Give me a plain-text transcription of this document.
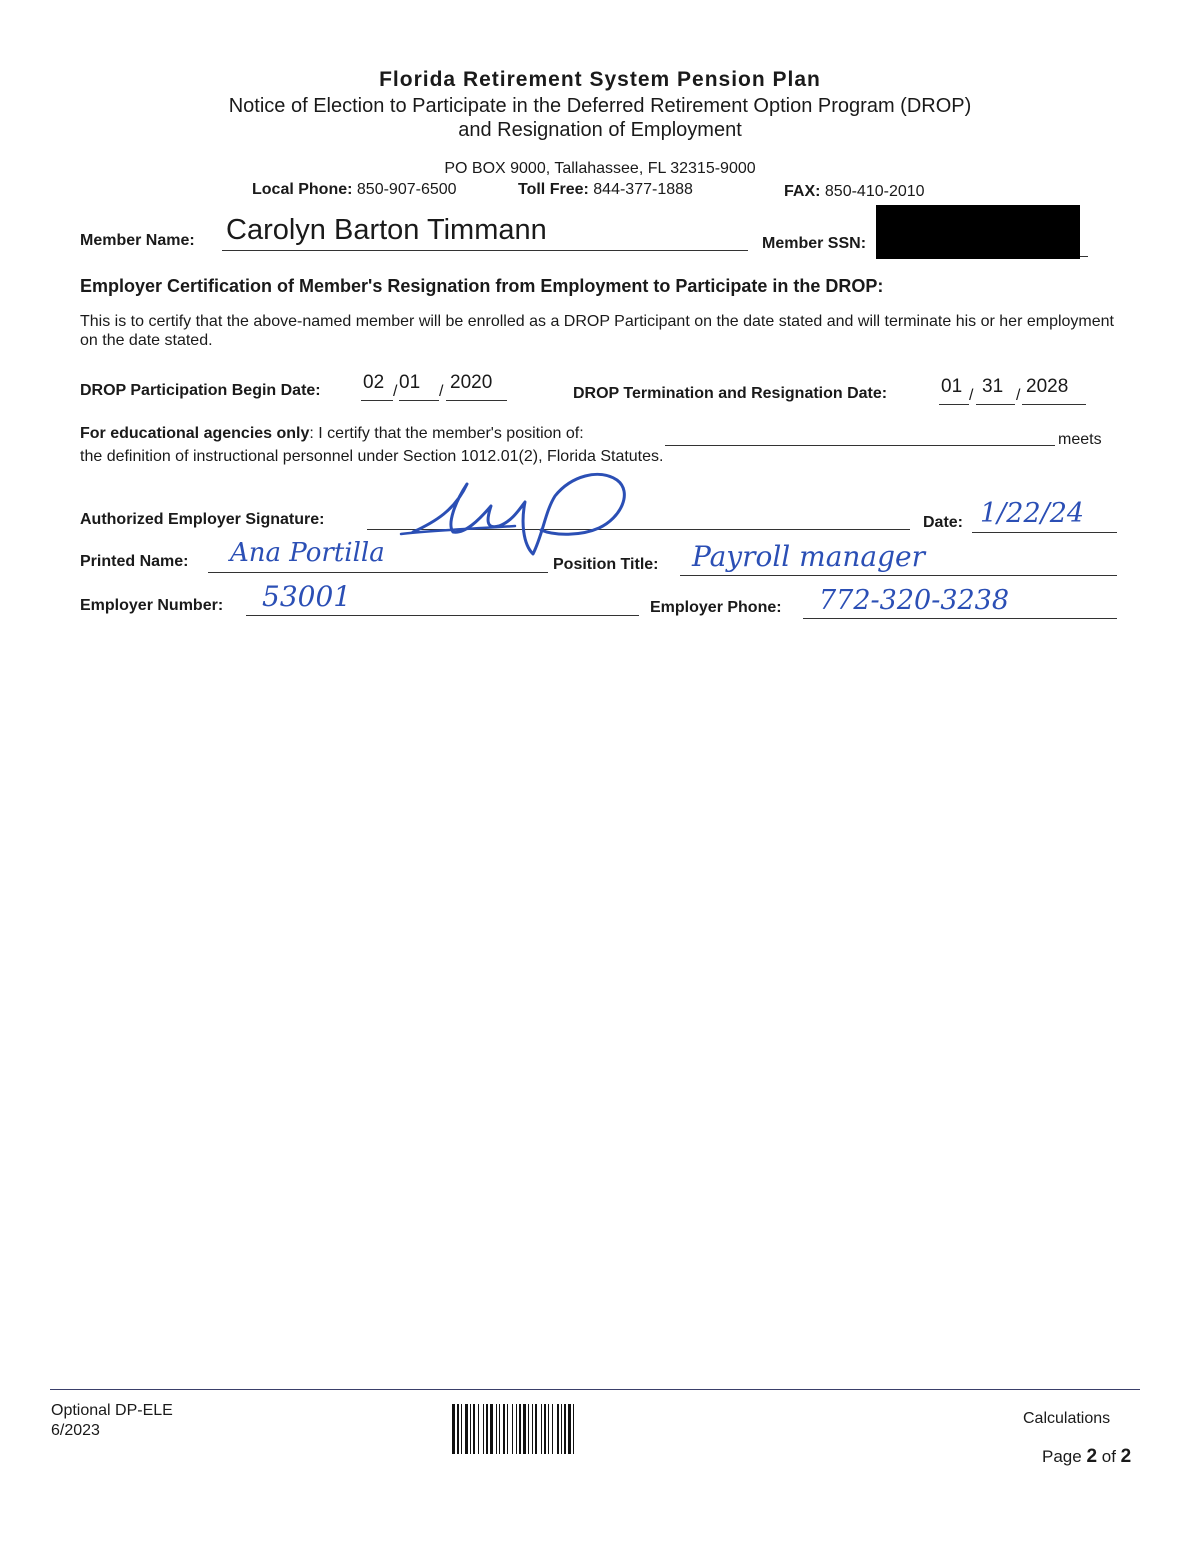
Florida Retirement System Pension Plan
Notice of Election to Participate in the Deferred Retirement Option Program (DROP)
and Resignation of Employment
PO BOX 9000, Tallahassee, FL 32315-9000
Local Phone: 850-907-6500	Toll Free: 844-377-1888	FAX: 850-410-2010
Member Name: Carolyn Barton Timmann	Member SSN:
Employer Certification of Member's Resignation from Employment to Participate in the DROP:
This is to certify that the above-named member will be enrolled as a DROP Participant on the date stated and will terminate his or her employment on the date stated.
DROP Participation Begin Date: 02 / 01 / 2020
DROP Termination and Resignation Date:	01 / 31 / 2028
For educational agencies only: I certify that the member's position of:	meets
the definition of instructional personnel under Section 1012.01(2), Florida Statutes.
Authorized Employer Signature:	Date: 1/22/24
Printed Name: Ana Portilla	Position Title: Payroll manager
Employer Number: 53001	Employer Phone: 772-320-3238
Optional DP-ELE
6/2023
Calculations
Page 2 of 2
